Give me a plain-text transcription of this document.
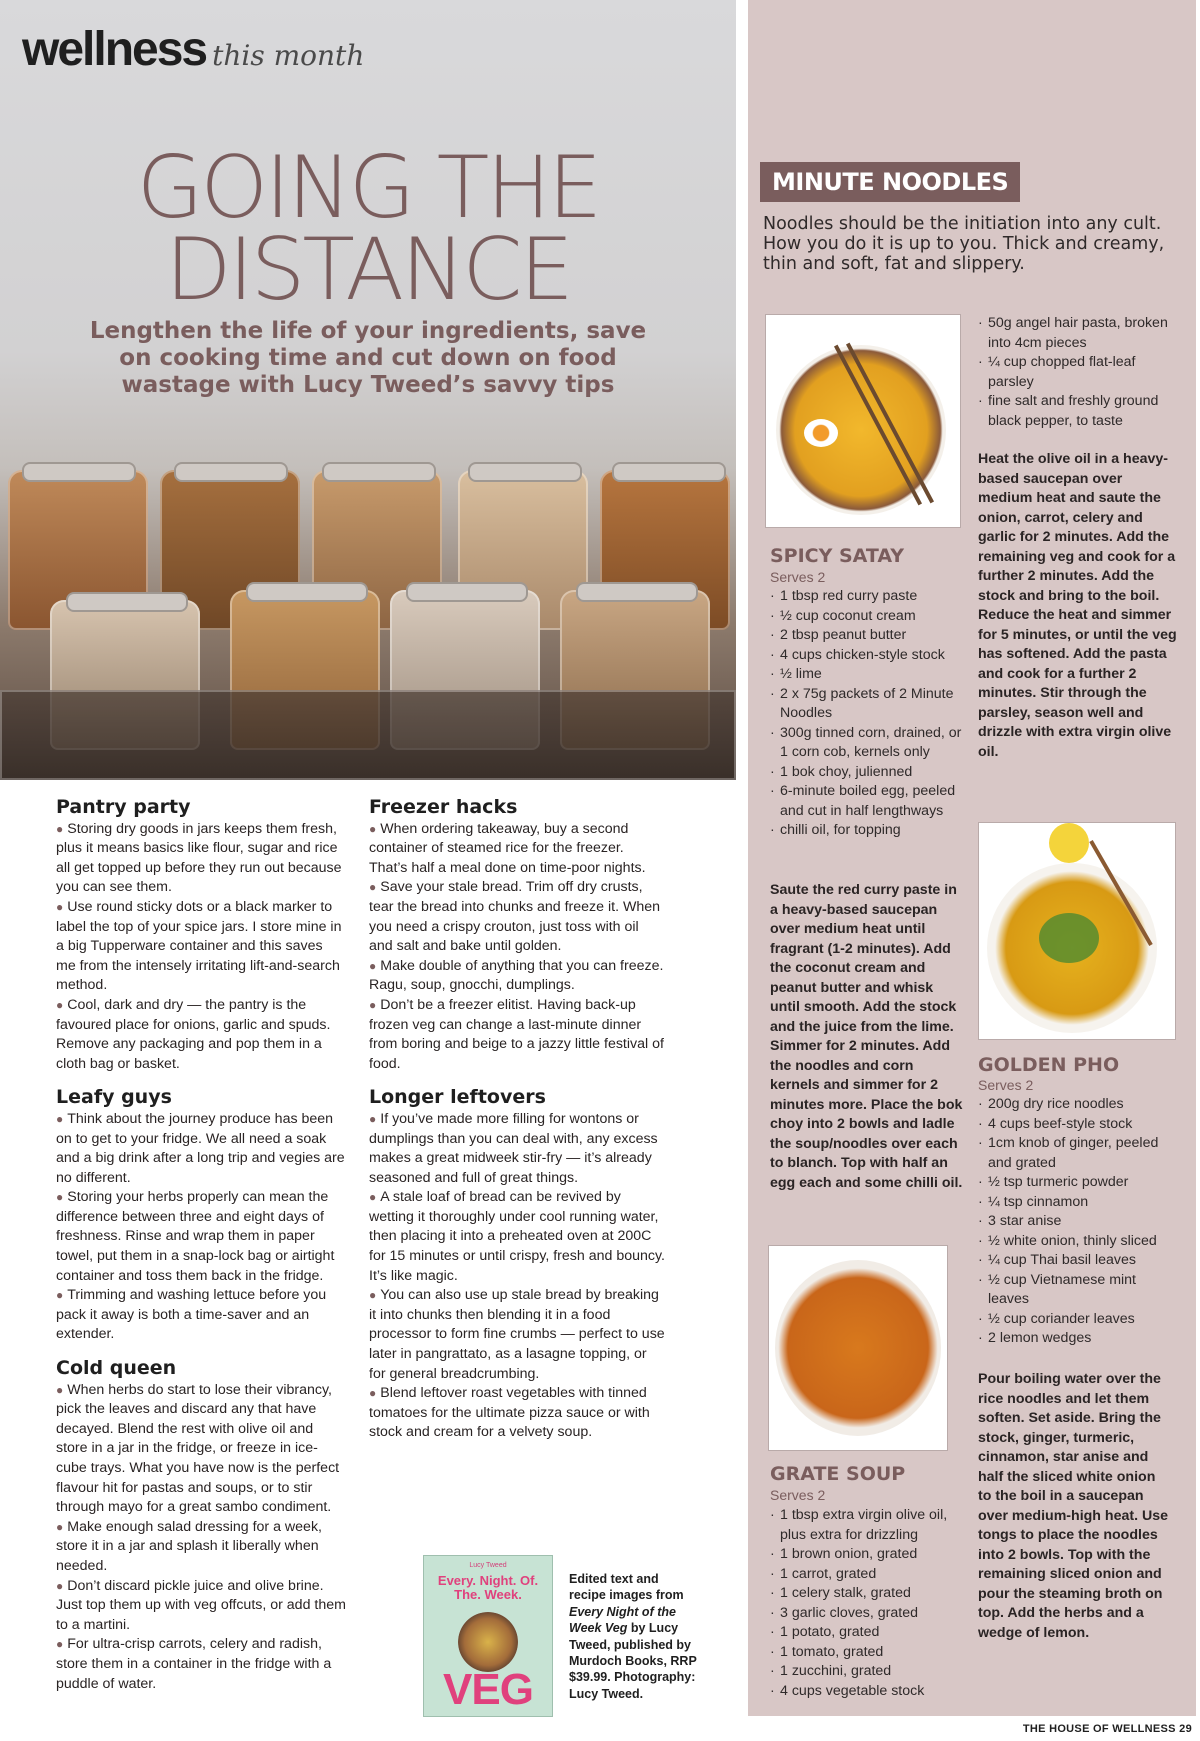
wellness this month
GOING THE
DISTANCE
Lengthen the life of your ingredients, save on cooking time and cut down on food wastage with Lucy Tweed’s savvy tips
Pantry party

● Storing dry goods in jars keeps them fresh, plus it means basics like flour, sugar and rice all get topped up before they run out because you can see them.

● Use round sticky dots or a black marker to label the top of your spice jars. I store mine in a big Tupperware container and this saves me from the intensely irritating lift-and-search method.

● Cool, dark and dry — the pantry is the favoured place for onions, garlic and spuds. Remove any packaging and pop them in a cloth bag or basket.

Leafy guys

● Think about the journey produce has been on to get to your fridge. We all need a soak and a big drink after a long trip and vegies are no different.

● Storing your herbs properly can mean the difference between three and eight days of freshness. Rinse and wrap them in paper towel, put them in a snap-lock bag or airtight container and toss them back in the fridge.

● Trimming and washing lettuce before you pack it away is both a time-saver and an extender.

Cold queen

● When herbs do start to lose their vibrancy, pick the leaves and discard any that have decayed. Blend the rest with olive oil and store in a jar in the fridge, or freeze in ice-cube trays. What you have now is the perfect flavour hit for pastas and soups, or to stir through mayo for a great sambo condiment.

● Make enough salad dressing for a week, store it in a jar and splash it liberally when needed.

● Don’t discard pickle juice and olive brine. Just top them up with veg offcuts, or add them to a martini.

● For ultra-crisp carrots, celery and radish, store them in a container in the fridge with a puddle of water.

Freezer hacks

● When ordering takeaway, buy a second container of steamed rice for the freezer. That’s half a meal done on time-poor nights.

● Save your stale bread. Trim off dry crusts, tear the bread into chunks and freeze it. When you need a crispy crouton, just toss with oil and salt and bake until golden.

● Make double of anything that you can freeze. Ragu, soup, gnocchi, dumplings.

● Don’t be a freezer elitist. Having back-up frozen veg can change a last-minute dinner from boring and beige to a jazzy little festival of food.

Longer leftovers

● If you’ve made more filling for wontons or dumplings than you can deal with, any excess makes a great midweek stir-fry — it’s already seasoned and full of great things.

● A stale loaf of bread can be revived by wetting it thoroughly under cool running water, then placing it into a preheated oven at 200C for 15 minutes or until crispy, fresh and bouncy. It’s like magic.

● You can also use up stale bread by breaking it into chunks then blending it in a food processor to form fine crumbs — perfect to use later in pangrattato, as a lasagne topping, or for general breadcrumbing.

● Blend leftover roast vegetables with tinned tomatoes for the ultimate pizza sauce or with stock and cream for a velvety soup.

Lucy Tweed
Every. Night. Of. The. Week.
VEG
Edited text and recipe images from Every Night of the Week Veg by Lucy Tweed, published by Murdoch Books, RRP $39.99. Photography: Lucy Tweed.
MINUTE NOODLES
Noodles should be the initiation into any cult. How you do it is up to you. Thick and creamy, thin and soft, fat and slippery.
SPICY SATAY
Serves 2
· 1 tbsp red curry paste
· ½ cup coconut cream
· 2 tbsp peanut butter
· 4 cups chicken-style stock
· ½ lime
· 2 x 75g packets of 2 Minute Noodles
· 300g tinned corn, drained, or 1 corn cob, kernels only
· 1 bok choy, julienned
· 6-minute boiled egg, peeled and cut in half lengthways
· chilli oil, for topping
Saute the red curry paste in a heavy-based saucepan over medium heat until fragrant (1-2 minutes). Add the coconut cream and peanut butter and whisk until smooth. Add the stock and the juice from the lime. Simmer for 2 minutes. Add the noodles and corn kernels and simmer for 2 minutes more. Place the bok choy into 2 bowls and ladle the soup/noodles over each to blanch. Top with half an egg each and some chilli oil.
GRATE SOUP
Serves 2
· 1 tbsp extra virgin olive oil, plus extra for drizzling
· 1 brown onion, grated
· 1 carrot, grated
· 1 celery stalk, grated
· 3 garlic cloves, grated
· 1 potato, grated
· 1 tomato, grated
· 1 zucchini, grated
· 4 cups vegetable stock
· 50g angel hair pasta, broken into 4cm pieces
· ¼ cup chopped flat-leaf parsley
· fine salt and freshly ground black pepper, to taste
Heat the olive oil in a heavy-based saucepan over medium heat and saute the onion, carrot, celery and garlic for 2 minutes. Add the remaining veg and cook for a further 2 minutes. Add the stock and bring to the boil. Reduce the heat and simmer for 5 minutes, or until the veg has softened. Add the pasta and cook for a further 2 minutes. Stir through the parsley, season well and drizzle with extra virgin olive oil.
GOLDEN PHO
Serves 2
· 200g dry rice noodles
· 4 cups beef-style stock
· 1cm knob of ginger, peeled and grated
· ½ tsp turmeric powder
· ¼ tsp cinnamon
· 3 star anise
· ½ white onion, thinly sliced
· ¼ cup Thai basil leaves
· ½ cup Vietnamese mint leaves
· ½ cup coriander leaves
· 2 lemon wedges
Pour boiling water over the rice noodles and let them soften. Set aside. Bring the stock, ginger, turmeric, cinnamon, star anise and half the sliced white onion to the boil in a saucepan over medium-high heat. Use tongs to place the noodles into 2 bowls. Top with the remaining sliced onion and pour the steaming broth on top. Add the herbs and a wedge of lemon.
THE HOUSE OF WELLNESS 29
